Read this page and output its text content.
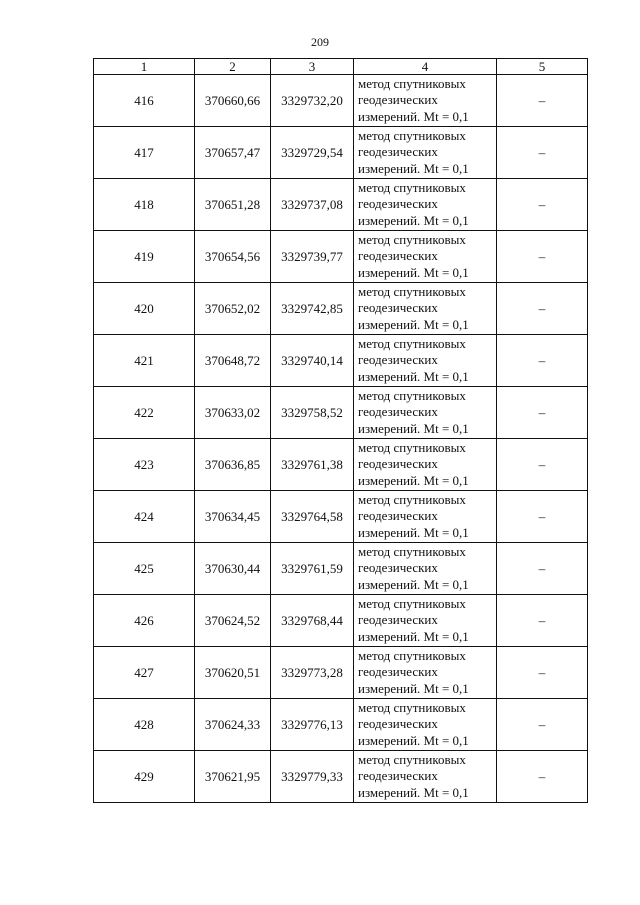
209
1	2	3	4	5
416	370660,66	3329732,20	метод спутниковых
геодезических
измерений. Mt = 0,1	–
417	370657,47	3329729,54	метод спутниковых
геодезических
измерений. Mt = 0,1	–
418	370651,28	3329737,08	метод спутниковых
геодезических
измерений. Mt = 0,1	–
419	370654,56	3329739,77	метод спутниковых
геодезических
измерений. Mt = 0,1	–
420	370652,02	3329742,85	метод спутниковых
геодезических
измерений. Mt = 0,1	–
421	370648,72	3329740,14	метод спутниковых
геодезических
измерений. Mt = 0,1	–
422	370633,02	3329758,52	метод спутниковых
геодезических
измерений. Mt = 0,1	–
423	370636,85	3329761,38	метод спутниковых
геодезических
измерений. Mt = 0,1	–
424	370634,45	3329764,58	метод спутниковых
геодезических
измерений. Mt = 0,1	–
425	370630,44	3329761,59	метод спутниковых
геодезических
измерений. Mt = 0,1	–
426	370624,52	3329768,44	метод спутниковых
геодезических
измерений. Mt = 0,1	–
427	370620,51	3329773,28	метод спутниковых
геодезических
измерений. Mt = 0,1	–
428	370624,33	3329776,13	метод спутниковых
геодезических
измерений. Mt = 0,1	–
429	370621,95	3329779,33	метод спутниковых
геодезических
измерений. Mt = 0,1	–
